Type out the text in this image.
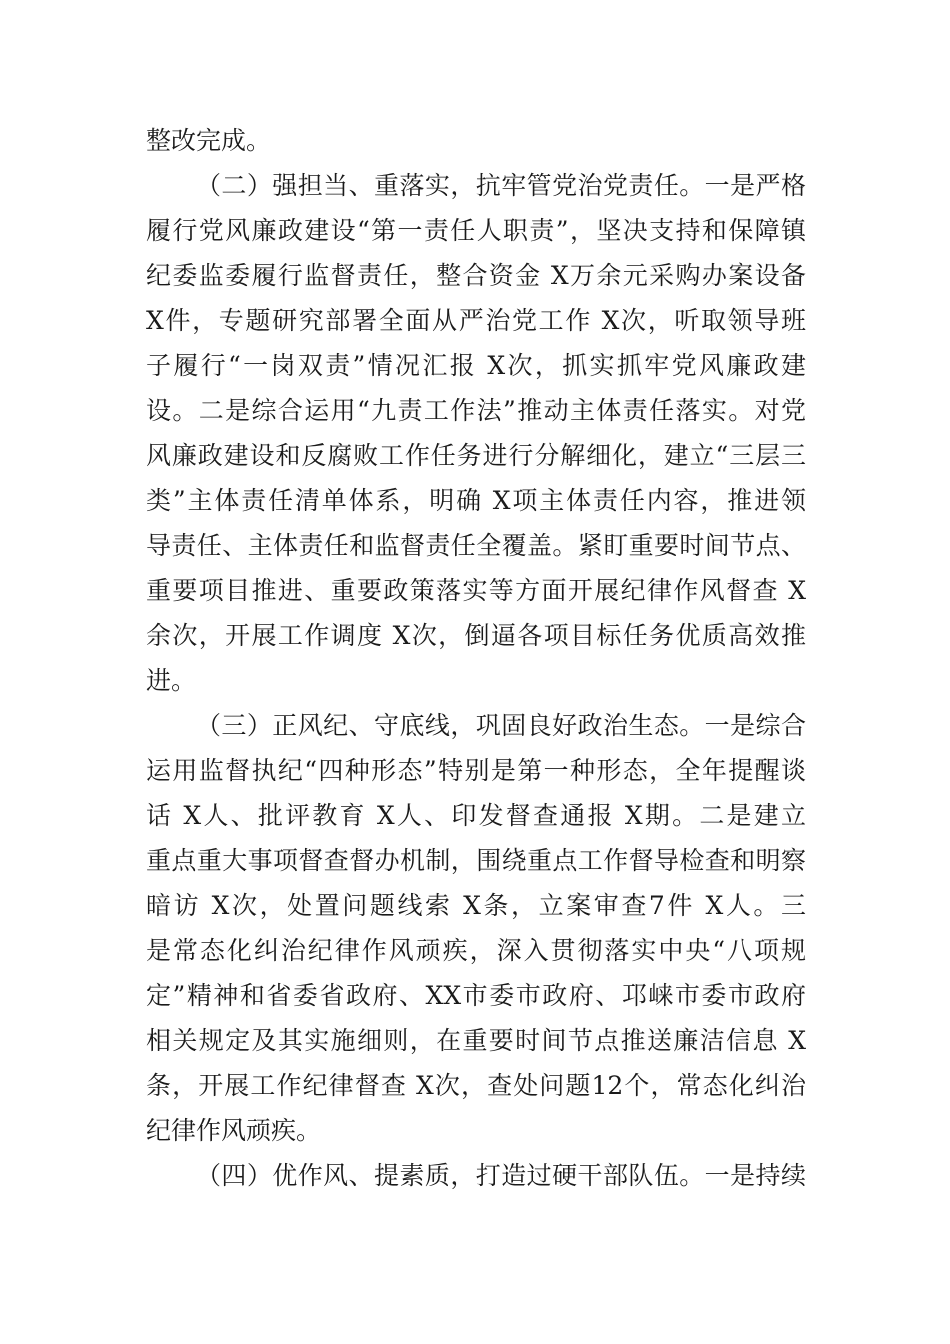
整改完成。
（二）强担当、重落实，抗牢管党治党责任。一是严格
履行党风廉政建设“第一责任人职责”，坚决支持和保障镇
纪委监委履行监督责任，整合资金 X万余元采购办案设备
X件，专题研究部署全面从严治党工作 X次，听取领导班
子履行“一岗双责”情况汇报 X次，抓实抓牢党风廉政建
设。二是综合运用“九责工作法”推动主体责任落实。对党
风廉政建设和反腐败工作任务进行分解细化，建立“三层三
类”主体责任清单体系，明确 X项主体责任内容，推进领
导责任、主体责任和监督责任全覆盖。紧盯重要时间节点、
重要项目推进、重要政策落实等方面开展纪律作风督查 X
余次，开展工作调度 X次，倒逼各项目标任务优质高效推
进。
（三）正风纪、守底线，巩固良好政治生态。一是综合
运用监督执纪“四种形态”特别是第一种形态，全年提醒谈
话 X人、批评教育 X人、印发督查通报 X期。二是建立
重点重大事项督查督办机制，围绕重点工作督导检查和明察
暗访 X次，处置问题线索 X条，立案审查7件 X人。三
是常态化纠治纪律作风顽疾，深入贯彻落实中央“八项规
定”精神和省委省政府、XX市委市政府、邛崃市委市政府
相关规定及其实施细则，在重要时间节点推送廉洁信息 X
条，开展工作纪律督查 X次，查处问题12个，常态化纠治
纪律作风顽疾。
（四）优作风、提素质，打造过硬干部队伍。一是持续
